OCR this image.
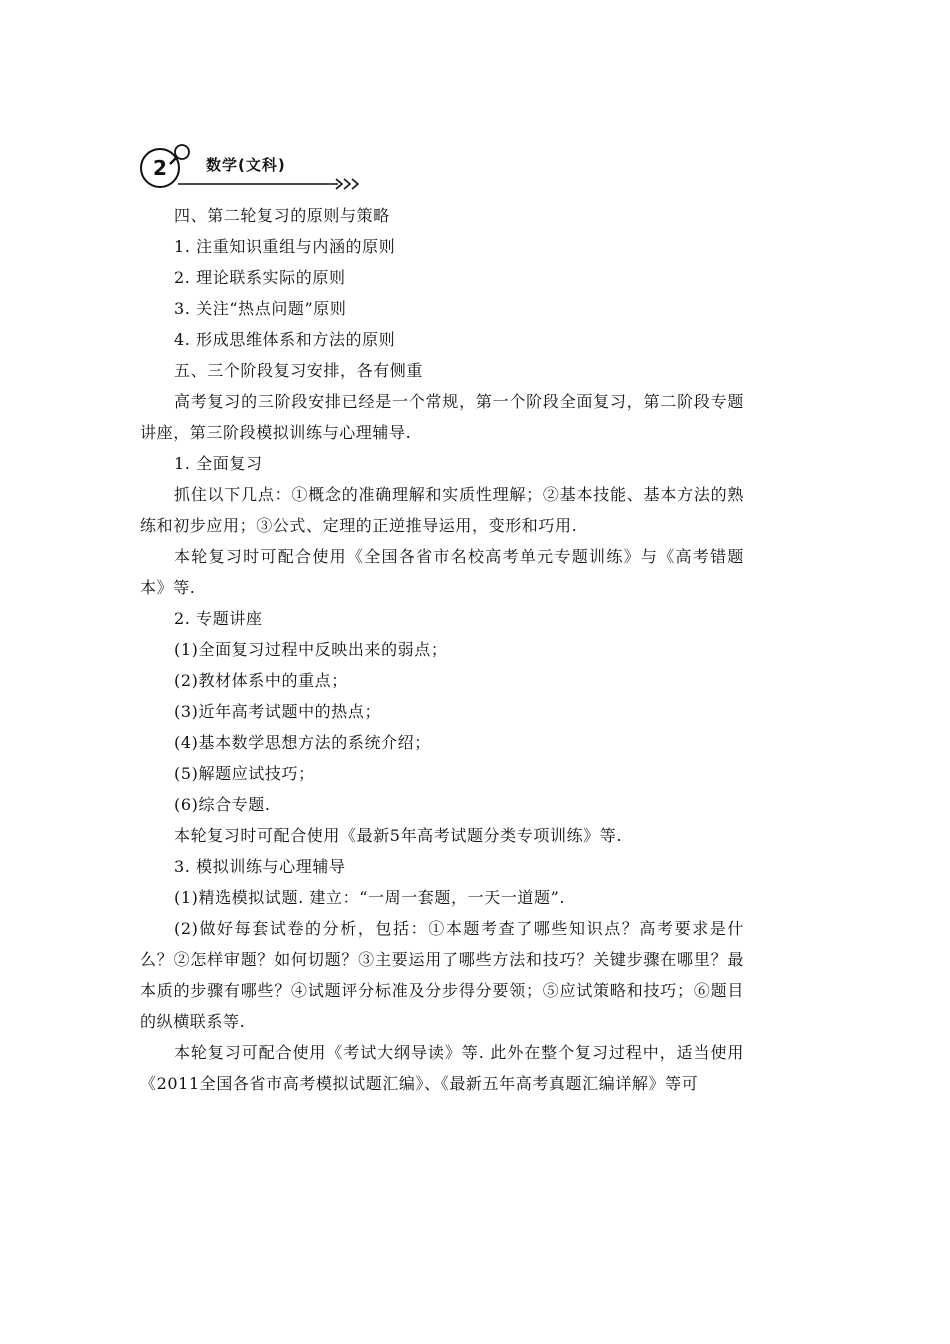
2	数学(文科)

四、第二轮复习的原则与策略

1. 注重知识重组与内涵的原则

2. 理论联系实际的原则

3. 关注“热点问题”原则

4. 形成思维体系和方法的原则

五、三个阶段复习安排，各有侧重

高考复习的三阶段安排已经是一个常规，第一个阶段全面复习，第二阶段专题讲座，第三阶段模拟训练与心理辅导.

1. 全面复习

抓住以下几点：①概念的准确理解和实质性理解；②基本技能、基本方法的熟练和初步应用；③公式、定理的正逆推导运用，变形和巧用.

本轮复习时可配合使用《全国各省市名校高考单元专题训练》与《高考错题本》等.

2. 专题讲座

(1)全面复习过程中反映出来的弱点；

(2)教材体系中的重点；

(3)近年高考试题中的热点；

(4)基本数学思想方法的系统介绍；

(5)解题应试技巧；

(6)综合专题.

本轮复习时可配合使用《最新5年高考试题分类专项训练》等.

3. 模拟训练与心理辅导

(1)精选模拟试题. 建立：“一周一套题，一天一道题”.

(2)做好每套试卷的分析，包括：①本题考查了哪些知识点？高考要求是什么？②怎样审题？如何切题？③主要运用了哪些方法和技巧？关键步骤在哪里？最本质的步骤有哪些？④试题评分标准及分步得分要领；⑤应试策略和技巧；⑥题目的纵横联系等.

本轮复习可配合使用《考试大纲导读》等. 此外在整个复习过程中，适当使用《2011全国各省市高考模拟试题汇编》、《最新五年高考真题汇编详解》等可
